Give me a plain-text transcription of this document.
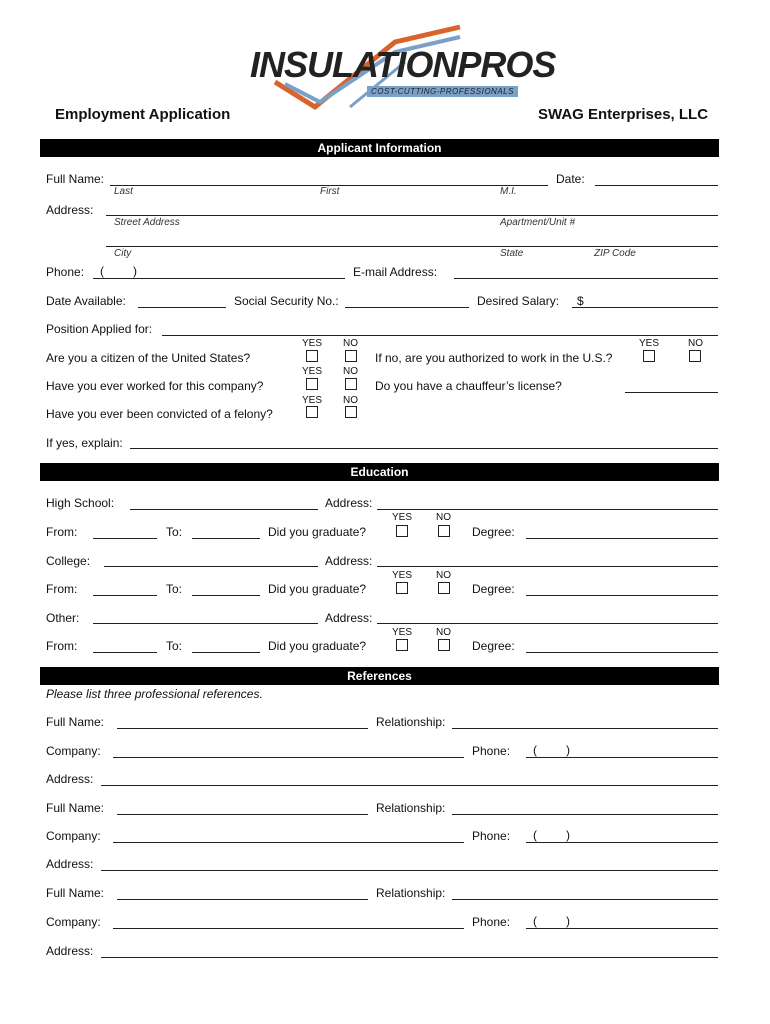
INSULATIONPROS
COST-CUTTING-PROFESSIONALS
Employment Application	SWAG Enterprises, LLC
Applicant Information
Full Name:	Date:
Last	First	M.I.
Address:
Street Address	Apartment/Unit #
City	State	ZIP Code
Phone: ( )	E-mail Address:
Date Available:	Social Security No.:	Desired Salary: $
Position Applied for:
YES NO
Are you a citizen of the United States?	If no, are you authorized to work in the U.S.?
YES	NO
YES NO
Have you ever worked for this company?	Do you have a chauffeur’s license?
YES NO
Have you ever been convicted of a felony?
If yes, explain:
Education
High School:	Address:
YES NO
From:	To:	Did you graduate?	Degree:
College:	Address:
YES NO
From:	To:	Did you graduate?	Degree:
Other:	Address:
YES NO
From:	To:	Did you graduate?	Degree:
References
Please list three professional references.
Full Name:	Relationship:
Company:	Phone: ( )
Address:
Full Name:	Relationship:
Company:	Phone: ( )
Address:
Full Name:	Relationship:
Company:	Phone: ( )
Address:
